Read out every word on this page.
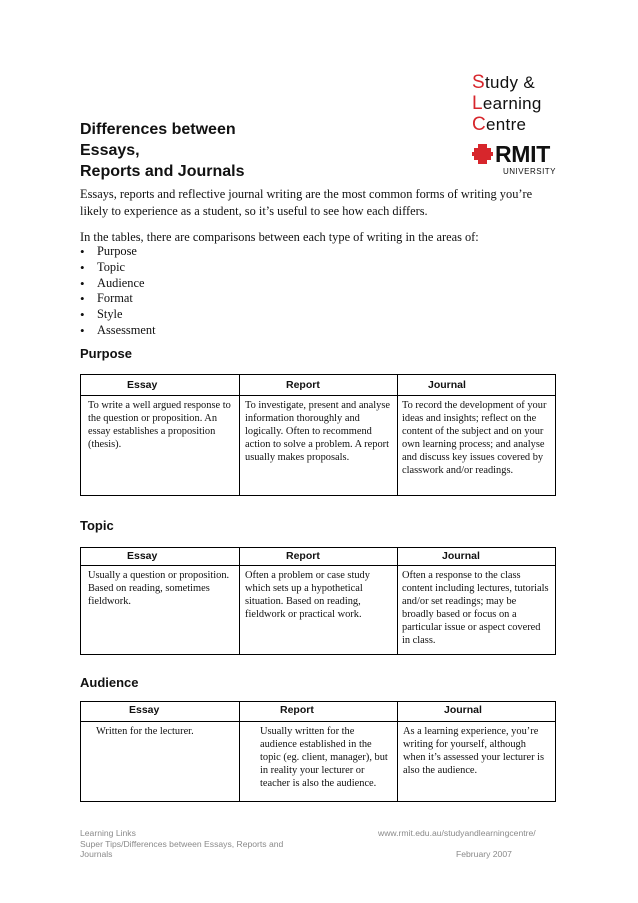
Study &
Learning
Centre
RMIT
UNIVERSITY
Differences between
Essays,
Reports and Journals

Essays, reports and reflective journal writing are the most common forms of writing you’re likely to experience as a student, so it’s useful to see how each differs.

In the tables, there are comparisons between each type of writing in the areas of:

• Purpose
• Topic
• Audience
• Format
• Style
• Assessment
Purpose
Essay	Report	Journal

To write a well argued response to the question or proposition. An essay establishes a proposition (thesis).	To investigate, present and analyse information thoroughly and logically. Often to recommend action to solve a problem. A report usually makes proposals.	To record the development of your ideas and insights; reflect on the content of the subject and on your own learning process; and analyse and discuss key issues covered by classwork and/or readings.
Topic
Essay	Report	Journal

Usually a question or proposition. Based on reading, sometimes fieldwork.	Often a problem or case study which sets up a hypothetical situation. Based on reading, fieldwork or practical work.	Often a response to the class content including lectures, tutorials and/or set readings; may be broadly based or focus on a particular issue or aspect covered in class.
Audience
Essay	Report	Journal

Written for the lecturer.	Usually written for the audience established in the topic (eg. client, manager), but in reality your lecturer or teacher is also the audience.	As a learning experience, you’re writing for yourself, although when it’s assessed your lecturer is also the audience.
Learning Links
Super Tips/Differences between Essays, Reports and
Journals
www.rmit.edu.au/studyandlearningcentre/
February 2007
